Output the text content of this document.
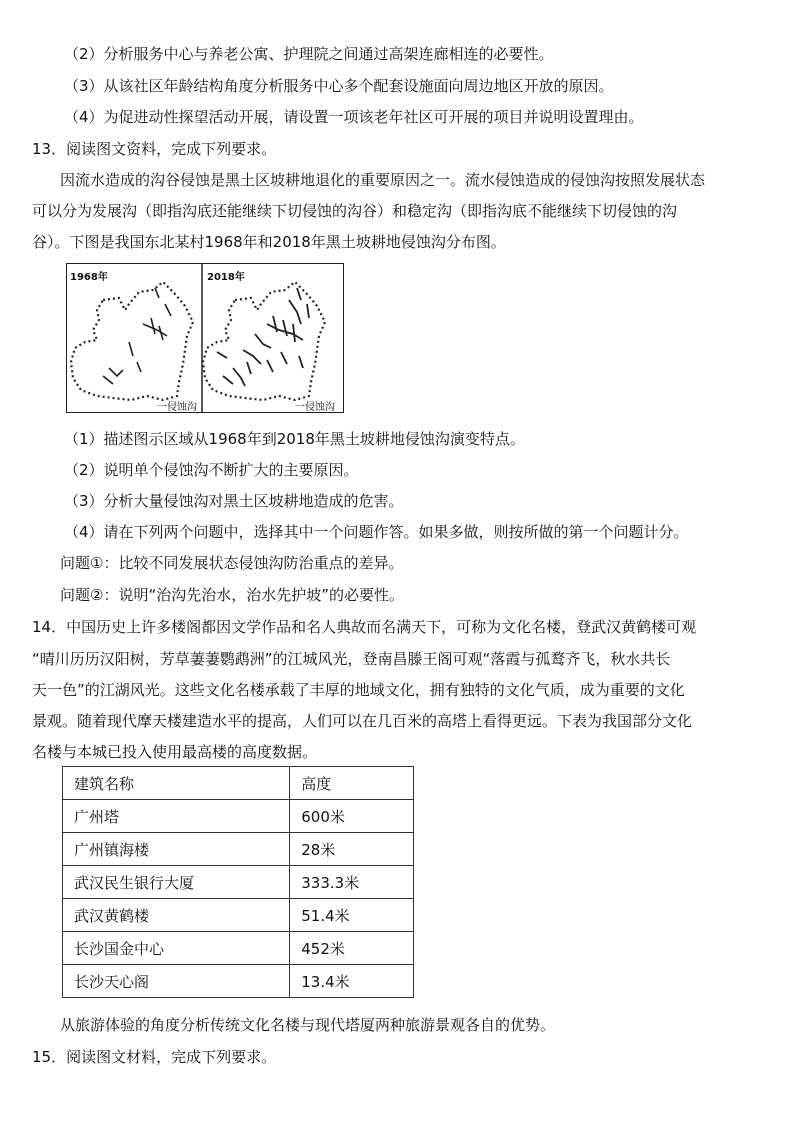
（2）分析服务中心与养老公寓、护理院之间通过高架连廊相连的必要性。
（3）从该社区年龄结构角度分析服务中心多个配套设施面向周边地区开放的原因。
（4）为促进动性探望活动开展，请设置一项该老年社区可开展的项目并说明设置理由。
13．阅读图文资料，完成下列要求。
因流水造成的沟谷侵蚀是黑土区坡耕地退化的重要原因之一。流水侵蚀造成的侵蚀沟按照发展状态
可以分为发展沟（即指沟底还能继续下切侵蚀的沟谷）和稳定沟（即指沟底不能继续下切侵蚀的沟
谷）。下图是我国东北某村1968年和2018年黑土坡耕地侵蚀沟分布图。
1968年	2018年
一侵蚀沟	一侵蚀沟
（1）描述图示区域从1968年到2018年黑土坡耕地侵蚀沟演变特点。
（2）说明单个侵蚀沟不断扩大的主要原因。
（3）分析大量侵蚀沟对黑土区坡耕地造成的危害。
（4）请在下列两个问题中，选择其中一个问题作答。如果多做，则按所做的第一个问题计分。
问题①：比较不同发展状态侵蚀沟防治重点的差异。
问题②：说明“治沟先治水，治水先护坡”的必要性。
14．中国历史上许多楼阁都因文学作品和名人典故而名满天下，可称为文化名楼，登武汉黄鹤楼可观
“晴川历历汉阳树，芳草萋萋鹦鹉洲”的江城风光，登南昌滕王阁可观“落霞与孤鹜齐飞，秋水共长
天一色”的江湖风光。这些文化名楼承载了丰厚的地域文化，拥有独特的文化气质，成为重要的文化
景观。随着现代摩天楼建造水平的提高，人们可以在几百米的高塔上看得更远。下表为我国部分文化
名楼与本城已投入使用最高楼的高度数据。
建筑名称	高度
广州塔	600米
广州镇海楼	28米
武汉民生银行大厦	333.3米
武汉黄鹤楼	51.4米
长沙国金中心	452米
长沙天心阁	13.4米
从旅游体验的角度分析传统文化名楼与现代塔厦两种旅游景观各自的优势。
15．阅读图文材料，完成下列要求。
